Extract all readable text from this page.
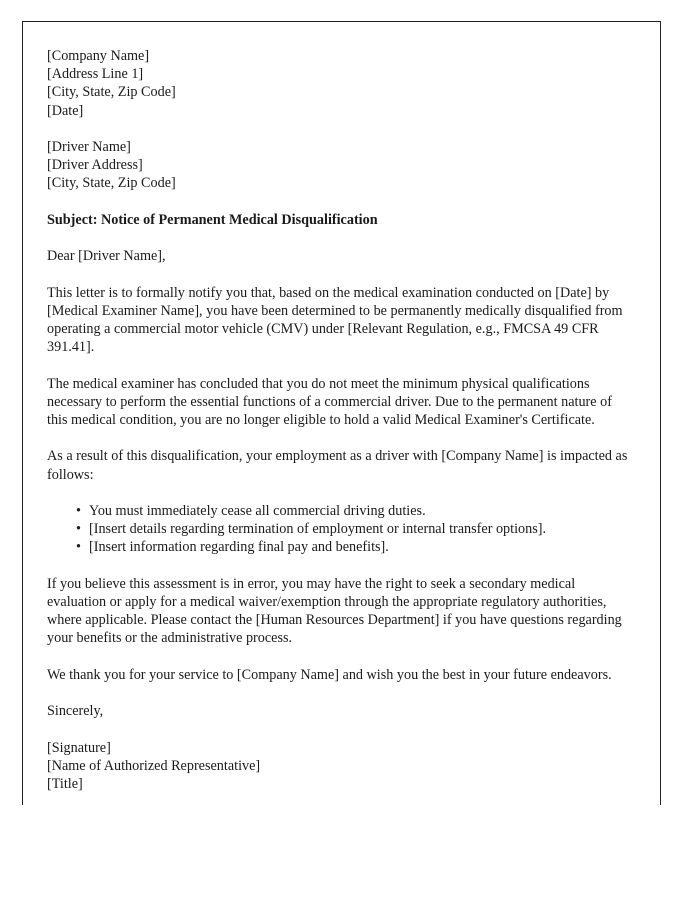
[Company Name]
[Address Line 1]
[City, State, Zip Code]
[Date]
[Driver Name]
[Driver Address]
[City, State, Zip Code]

Subject: Notice of Permanent Medical Disqualification

Dear [Driver Name],

This letter is to formally notify you that, based on the medical examination conducted on [Date] by [Medical Examiner Name], you have been determined to be permanently medically disqualified from operating a commercial motor vehicle (CMV) under [Relevant Regulation, e.g., FMCSA 49 CFR 391.41].

The medical examiner has concluded that you do not meet the minimum physical qualifications necessary to perform the essential functions of a commercial driver. Due to the permanent nature of this medical condition, you are no longer eligible to hold a valid Medical Examiner's Certificate.

As a result of this disqualification, your employment as a driver with [Company Name] is impacted as follows:

• You must immediately cease all commercial driving duties.
• [Insert details regarding termination of employment or internal transfer options].
• [Insert information regarding final pay and benefits].

If you believe this assessment is in error, you may have the right to seek a secondary medical evaluation or apply for a medical waiver/exemption through the appropriate regulatory authorities, where applicable. Please contact the [Human Resources Department] if you have questions regarding your benefits or the administrative process.

We thank you for your service to [Company Name] and wish you the best in your future endeavors.

Sincerely,

[Signature]
[Name of Authorized Representative]
[Title]
